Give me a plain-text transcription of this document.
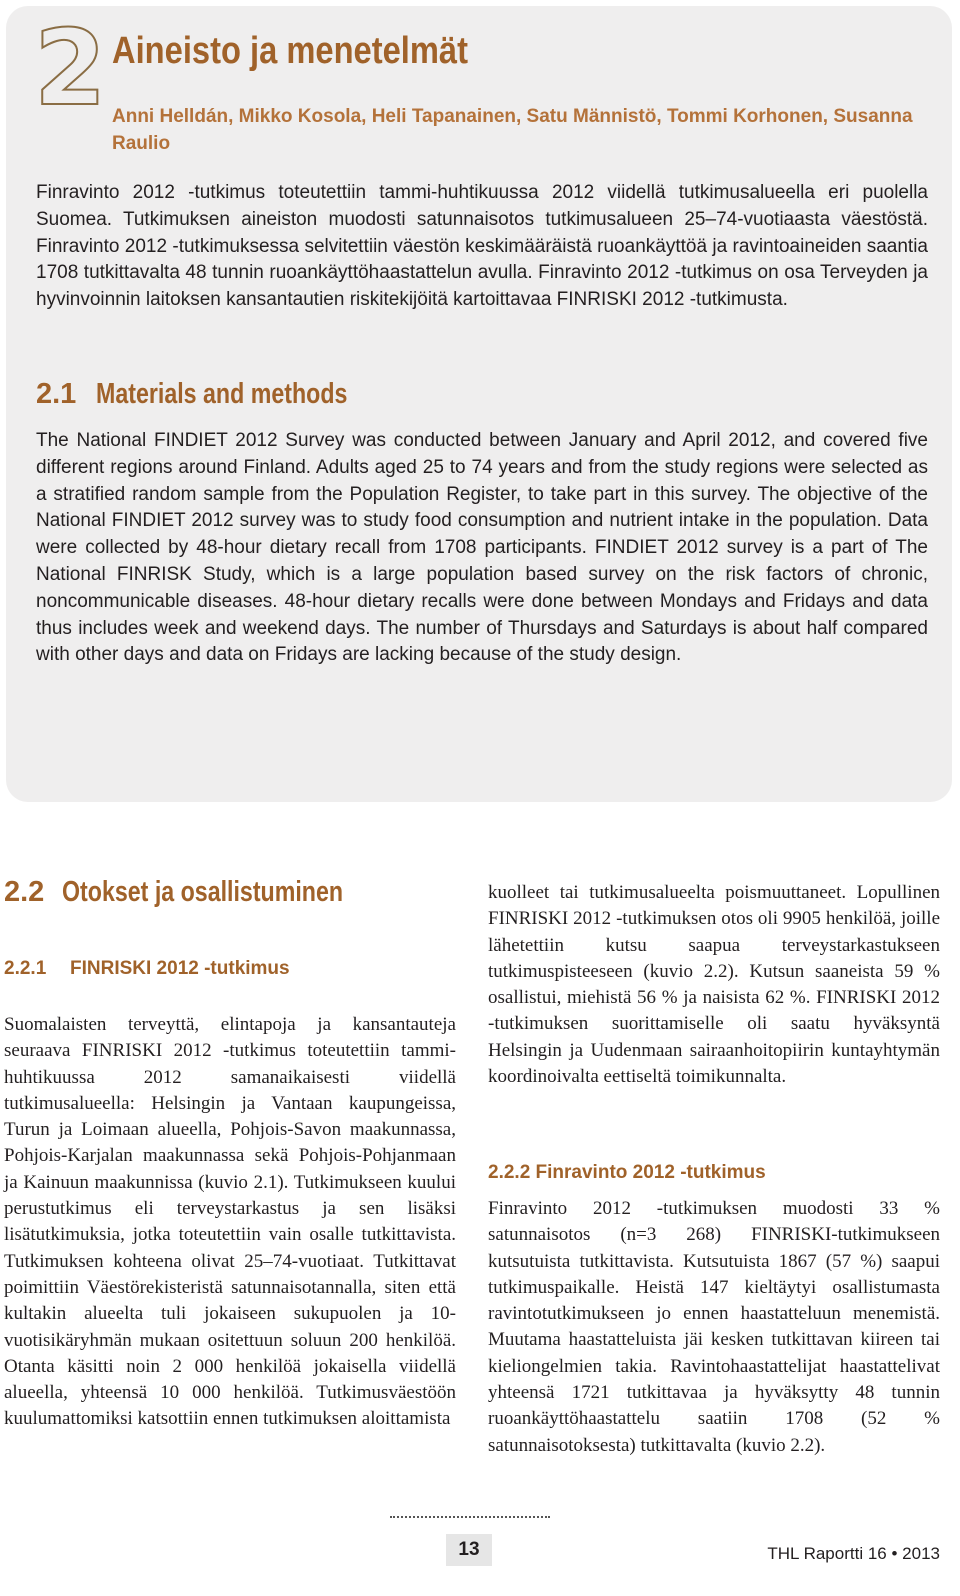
2 Aineisto ja menetelmät
Anni Helldán, Mikko Kosola, Heli Tapanainen, Satu Männistö, Tommi Korhonen, Susanna Raulio
Finravinto 2012 -tutkimus toteutettiin tammi-huhtikuussa 2012 viidellä tutkimusalueella eri puolella Suomea. Tutkimuksen aineiston muodosti satunnaisotos tutkimusalueen 25–74-vuotiaasta väestöstä. Finravinto 2012 -tutkimuksessa selvitettiin väestön keskimääräistä ruoankäyttöä ja ravintoaineiden saantia 1708 tutkittavalta 48 tunnin ruoankäyttöhaastattelun avulla. Finravinto 2012 -tutkimus on osa Terveyden ja hyvinvoinnin laitoksen kansantautien riskitekijöitä kartoittavaa FINRISKI 2012 -tutkimusta.
2.1 Materials and methods
The National FINDIET 2012 Survey was conducted between January and April 2012, and covered five different regions around Finland. Adults aged 25 to 74 years and from the study regions were selected as a stratified random sample from the Population Register, to take part in this survey. The objective of the National FINDIET 2012 survey was to study food consumption and nutrient intake in the population. Data were collected by 48-hour dietary recall from 1708 participants. FINDIET 2012 survey is a part of The National FINRISK Study, which is a large population based survey on the risk factors of chronic, noncommunicable diseases. 48-hour dietary recalls were done between Mondays and Fridays and data thus includes week and weekend days. The number of Thursdays and Saturdays is about half compared with other days and data on Fridays are lacking because of the study design.
2.2 Otokset ja osallistuminen
2.2.1 FINRISKI 2012 -tutkimus
Suomalaisten terveyttä, elintapoja ja kansantauteja seuraava FINRISKI 2012 -tutkimus toteutettiin tammi-huhtikuussa 2012 samanaikaisesti viidellä tutkimusalueella: Helsingin ja Vantaan kaupungeissa, Turun ja Loimaan alueella, Pohjois-Savon maakunnassa, Pohjois-Karjalan maakunnassa sekä Pohjois-Pohjanmaan ja Kainuun maakunnissa (kuvio 2.1). Tutkimukseen kuului perustutkimus eli terveystarkastus ja sen lisäksi lisätutkimuksia, jotka toteutettiin vain osalle tutkittavista. Tutkimuksen kohteena olivat 25–74-vuotiaat. Tutkittavat poimittiin Väestörekisteristä satunnaisotannalla, siten että kultakin alueelta tuli jokaiseen sukupuolen ja 10-vuotisikäryhmän mukaan ositettuun soluun 200 henkilöä. Otanta käsitti noin 2 000 henkilöä jokaisella viidellä alueella, yhteensä 10 000 henkilöä. Tutkimusväestöön kuulumattomiksi katsottiin ennen tutkimuksen aloittamista
kuolleet tai tutkimusalueelta poismuuttaneet. Lopullinen FINRISKI 2012 -tutkimuksen otos oli 9905 henkilöä, joille lähetettiin kutsu saapua terveystarkastukseen tutkimuspisteeseen (kuvio 2.2). Kutsun saaneista 59 % osallistui, miehistä 56 % ja naisista 62 %. FINRISKI 2012 -tutkimuksen suorittamiselle oli saatu hyväksyntä Helsingin ja Uudenmaan sairaanhoitopiirin kuntayhtymän koordinoivalta eettiseltä toimikunnalta.
2.2.2 Finravinto 2012 -tutkimus
Finravinto 2012 -tutkimuksen muodosti 33 % satunnaisotos (n=3 268) FINRISKI-tutkimukseen kutsutuista tutkittavista. Kutsutuista 1867 (57 %) saapui tutkimuspaikalle. Heistä 147 kieltäytyi osallistumasta ravintotutkimukseen jo ennen haastatteluun menemistä. Muutama haastatteluista jäi kesken tutkittavan kiireen tai kieliongelmien takia. Ravintohaastattelijat haastattelivat yhteensä 1721 tutkittavaa ja hyväksytty 48 tunnin ruoankäyttöhaastattelu saatiin 1708 (52 % satunnaisotoksesta) tutkittavalta (kuvio 2.2).
13	THL Raportti 16 • 2013
